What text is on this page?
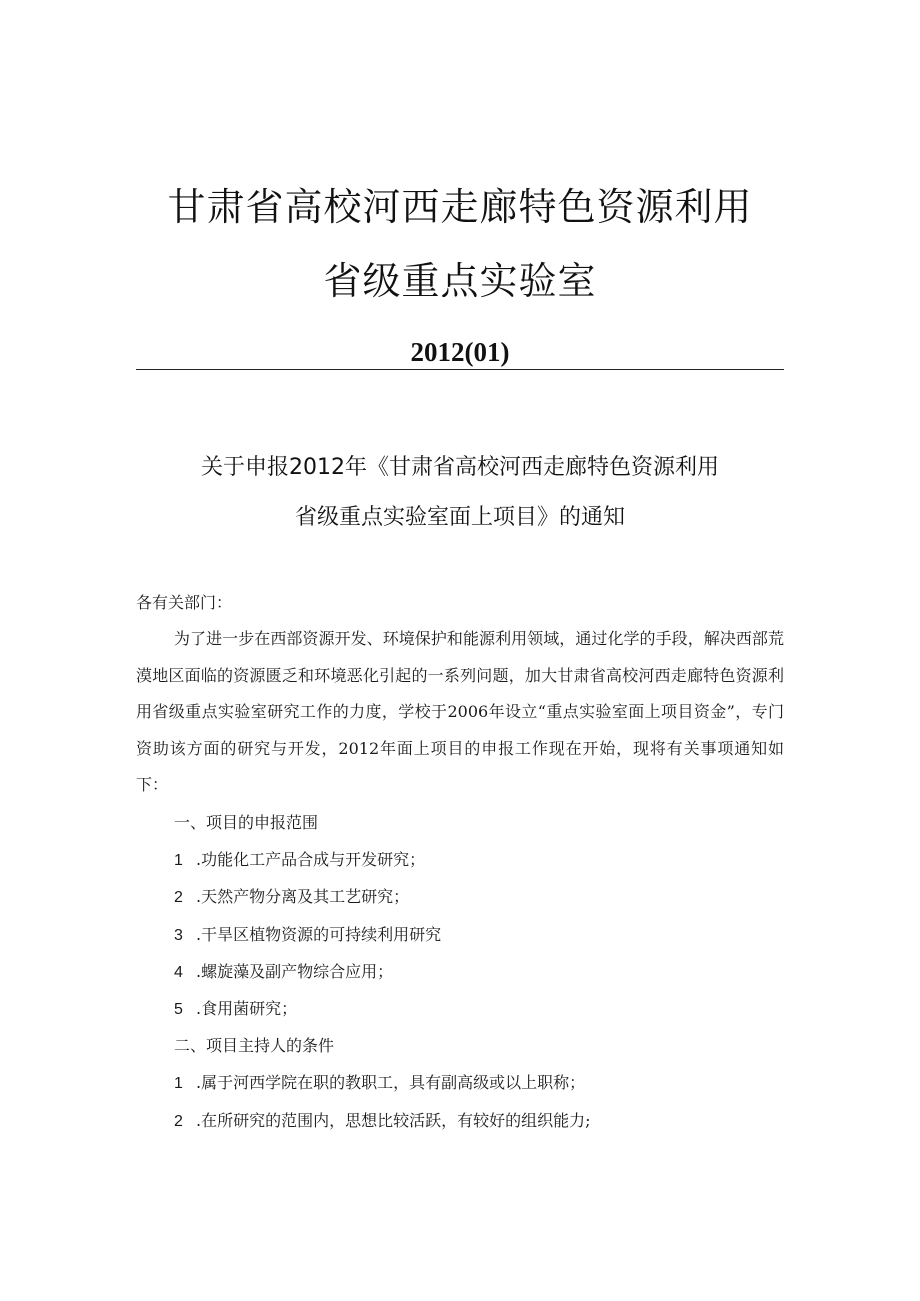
甘肃省高校河西走廊特色资源利用
省级重点实验室
2012(01)
关于申报2012年《甘肃省高校河西走廊特色资源利用
省级重点实验室面上项目》的通知
各有关部门：
为了进一步在西部资源开发、环境保护和能源利用领域，通过化学的手段，解决西部荒漠地区面临的资源匮乏和环境恶化引起的一系列问题，加大甘肃省高校河西走廊特色资源利用省级重点实验室研究工作的力度，学校于2006年设立“重点实验室面上项目资金”，专门资助该方面的研究与开发，2012年面上项目的申报工作现在开始，现将有关事项通知如下：
一、项目的申报范围
1 .功能化工产品合成与开发研究；
2 .天然产物分离及其工艺研究；
3 .干旱区植物资源的可持续利用研究
4 .螺旋藻及副产物综合应用；
5 .食用菌研究；
二、项目主持人的条件
1 .属于河西学院在职的教职工，具有副高级或以上职称；
2 .在所研究的范围内，思想比较活跃，有较好的组织能力;
